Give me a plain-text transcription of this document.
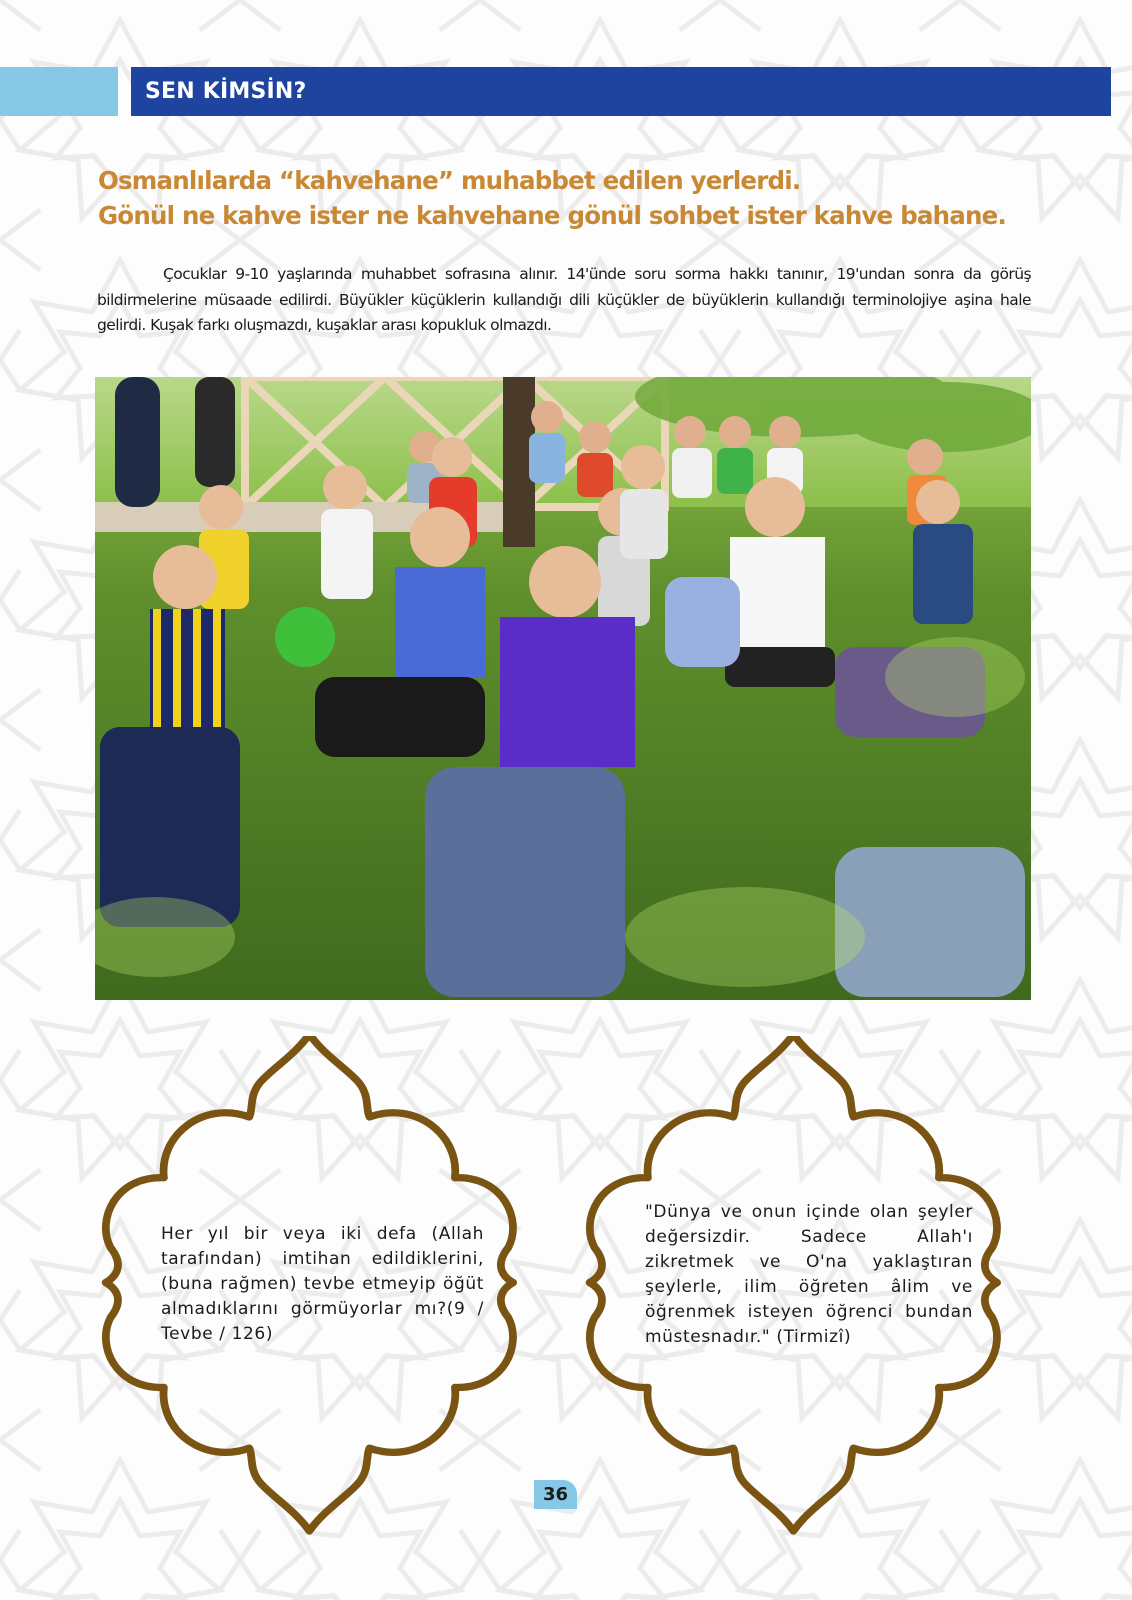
SEN KİMSİN?
Osmanlılarda “kahvehane” muhabbet edilen yerlerdi.
Gönül ne kahve ister ne kahvehane gönül sohbet ister kahve bahane.
Çocuklar 9-10 yaşlarında muhabbet sofrasına alınır. 14'ünde soru sorma hakkı tanınır, 19'undan sonra da görüş bildirmelerine müsaade edilirdi. Büyükler küçüklerin kullandığı dili küçükler de büyüklerin kullandığı terminolojiye aşina hale gelirdi. Kuşak farkı oluşmazdı, kuşaklar arası kopukluk olmazdı.
Her yıl bir veya iki defa (Allah
tarafından) imtihan edildiklerini,
(buna rağmen) tevbe etmeyip öğüt
almadıklarını görmüyorlar mı?(9 /
Tevbe / 126)
"Dünya ve onun içinde olan şeyler
değersizdir. Sadece Allah'ı
zikretmek ve O'na yaklaştıran
şeylerle, ilim öğreten âlim ve
öğrenmek isteyen öğrenci bundan
müstesnadır." (Tirmizî)
36
